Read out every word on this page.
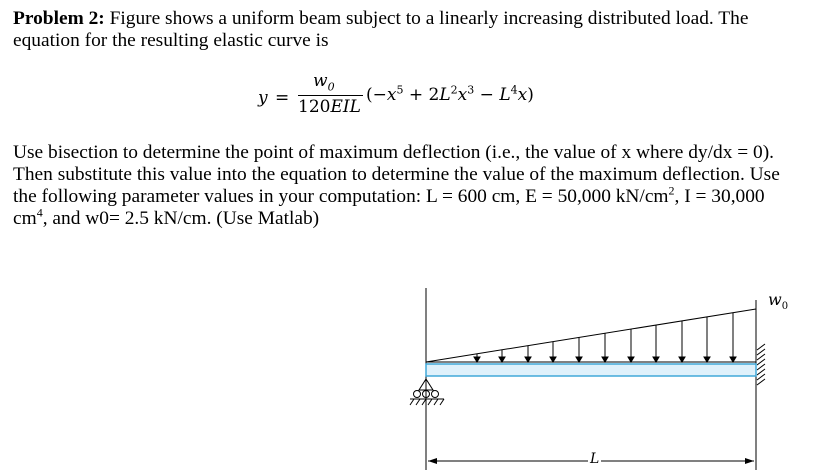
Problem 2: Figure shows a uniform beam subject to a linearly increasing distributed load. The equation for the resulting elastic curve is

y =
$w_0$
120EIL
$(-x^5 + 2L^2x^3 - L^4x)$

Use bisection to determine the point of maximum deflection (i.e., the value of x where dy/dx = 0). Then substitute this value into the equation to determine the value of the maximum deflection. Use the following parameter values in your computation: L = 600 cm, E = 50,000 $kN/cm^2$, I = 30,000 $cm^4$, and w0= 2.5 kN/cm. (Use Matlab)

$w_0$
L
